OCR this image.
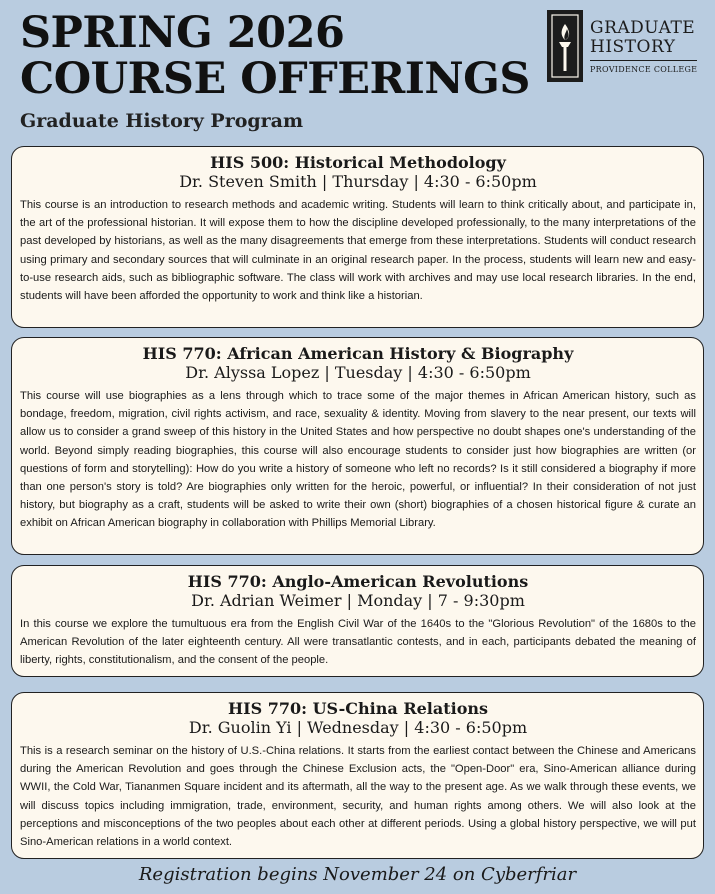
SPRING 2026
COURSE OFFERINGS
Graduate History Program
GRADUATE
HISTORY
PROVIDENCE COLLEGE
HIS 500: Historical Methodology
Dr. Steven Smith | Thursday | 4:30 - 6:50pm
This course is an introduction to research methods and academic writing. Students will learn to think critically about, and participate in, the art of the professional historian. It will expose them to how the discipline developed professionally, to the many interpretations of the past developed by historians, as well as the many disagreements that emerge from these interpretations. Students will conduct research using primary and secondary sources that will culminate in an original research paper. In the process, students will learn new and easy-to-use research aids, such as bibliographic software. The class will work with archives and may use local research libraries. In the end, students will have been afforded the opportunity to work and think like a historian.
HIS 770: African American History & Biography
Dr. Alyssa Lopez | Tuesday | 4:30 - 6:50pm
This course will use biographies as a lens through which to trace some of the major themes in African American history, such as bondage, freedom, migration, civil rights activism, and race, sexuality & identity. Moving from slavery to the near present, our texts will allow us to consider a grand sweep of this history in the United States and how perspective no doubt shapes one's understanding of the world. Beyond simply reading biographies, this course will also encourage students to consider just how biographies are written (or questions of form and storytelling): How do you write a history of someone who left no records? Is it still considered a biography if more than one person's story is told? Are biographies only written for the heroic, powerful, or influential? In their consideration of not just history, but biography as a craft, students will be asked to write their own (short) biographies of a chosen historical figure & curate an exhibit on African American biography in collaboration with Phillips Memorial Library.
HIS 770: Anglo-American Revolutions
Dr. Adrian Weimer | Monday | 7 - 9:30pm
In this course we explore the tumultuous era from the English Civil War of the 1640s to the "Glorious Revolution" of the 1680s to the American Revolution of the later eighteenth century. All were transatlantic contests, and in each, participants debated the meaning of liberty, rights, constitutionalism, and the consent of the people.
HIS 770: US-China Relations
Dr. Guolin Yi | Wednesday | 4:30 - 6:50pm
This is a research seminar on the history of U.S.-China relations. It starts from the earliest contact between the Chinese and Americans during the American Revolution and goes through the Chinese Exclusion acts, the "Open-Door" era, Sino-American alliance during WWII, the Cold War, Tiananmen Square incident and its aftermath, all the way to the present age. As we walk through these events, we will discuss topics including immigration, trade, environment, security, and human rights among others. We will also look at the perceptions and misconceptions of the two peoples about each other at different periods. Using a global history perspective, we will put Sino-American relations in a world context.
Registration begins November 24 on Cyberfriar
